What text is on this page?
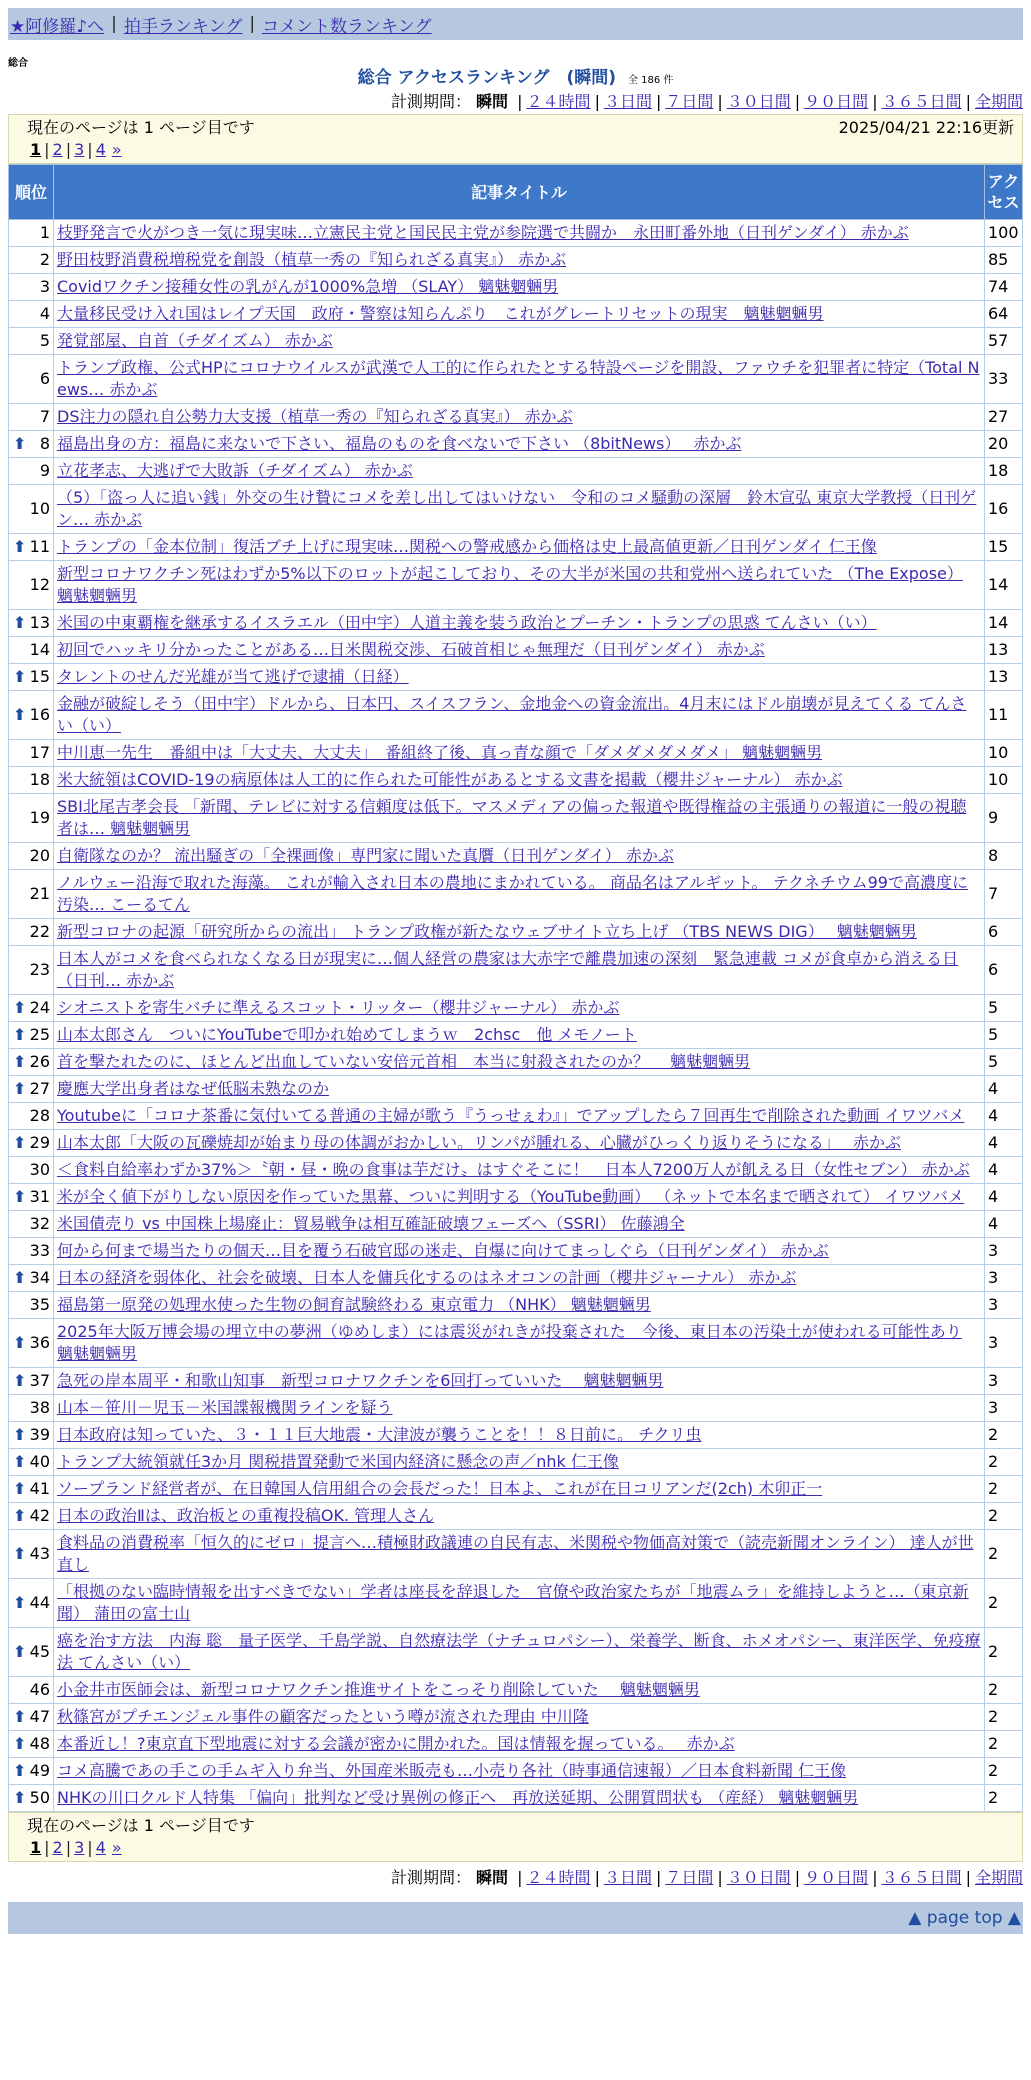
★阿修羅♪へ | 拍手ランキング | コメント数ランキング
総合
総合 アクセスランキング　(瞬間) 全 186 件
計測期間： 瞬間 | ２４時間 | ３日間 | ７日間 | ３０日間 | ９０日間 | ３６５日間 | 全期間
現在のページは 1 ページ目です	2025/04/21 22:16更新
1 | 2 | 3 | 4 »
順位	記事タイトル	アクセス
1	枝野発言で火がつき一気に現実味…立憲民主党と国民民主党が参院選で共闘か　永田町番外地（日刊ゲンダイ） 赤かぶ	100
2	野田枝野消費税増税党を創設（植草一秀の『知られざる真実』） 赤かぶ	85
3	Covidワクチン接種女性の乳がんが1000%急増 （SLAY） 魑魅魍魎男	74
4	大量移民受け入れ国はレイプ天国　政府・警察は知らんぷり　これがグレートリセットの現実　魑魅魍魎男	64
5	発覚部屋、自首（チダイズム） 赤かぶ	57
6	トランプ政権、公式HPにコロナウイルスが武漢で人工的に作られたとする特設ページを開設、ファウチを犯罪者に特定（Total News… 赤かぶ	33
7	DS注力の隠れ自公勢力大支援（植草一秀の『知られざる真実』） 赤かぶ	27

⬆ 8	福島出身の方：福島に来ないで下さい、福島のものを食べないで下さい （8bitNews）　 赤かぶ	20
9	立花孝志、大逃げで大敗訴（チダイズム） 赤かぶ	18
10	（5）「盗っ人に追い銭」外交の生け贄にコメを差し出してはいけない　令和のコメ騒動の深層　鈴木宣弘 東京大学教授（日刊ゲン… 赤かぶ	16

⬆ 11	トランプの「金本位制」復活ブチ上げに現実味…関税への警戒感から価格は史上最高値更新／日刊ゲンダイ 仁王像	15
12	新型コロナワクチン死はわずか5%以下のロットが起こしており、その大半が米国の共和党州へ送られていた （The Expose） 魑魅魍魎男	14

⬆ 13	米国の中東覇権を継承するイスラエル（田中宇）人道主義を装う政治とプーチン・トランプの思惑 てんさい（い）	14
14	初回でハッキリ分かったことがある…日米関税交渉、石破首相じゃ無理だ（日刊ゲンダイ） 赤かぶ	13

⬆ 15	タレントのせんだ光雄が当て逃げで逮捕（日経）	13

⬆ 16	金融が破綻しそう（田中宇）ドルから、日本円、スイスフラン、金地金への資金流出。4月末にはドル崩壊が見えてくる てんさい（い）	11
17	中川恵一先生　番組中は「大丈夫、大丈夫」　番組終了後、真っ青な顔で「ダメダメダメダメ」 魑魅魍魎男	10
18	米大統領はCOVID-19の病原体は人工的に作られた可能性があるとする文書を掲載（櫻井ジャーナル） 赤かぶ	10
19	SBI北尾吉孝会長 「新聞、テレビに対する信頼度は低下。マスメディアの偏った報道や既得権益の主張通りの報道に一般の視聴者は… 魑魅魍魎男	9
20	自衛隊なのか？ 流出騒ぎの「全裸画像」専門家に聞いた真贋（日刊ゲンダイ） 赤かぶ	8
21	ノルウェー沿海で取れた海藻。 これが輸入され日本の農地にまかれている。 商品名はアルギット。 テクネチウム99で高濃度に汚染… こーるてん	7
22	新型コロナの起源「研究所からの流出」 トランプ政権が新たなウェブサイト立ち上げ （TBS NEWS DIG）　 魑魅魍魎男	6
23	日本人がコメを食べられなくなる日が現実に…個人経営の農家は大赤字で離農加速の深刻　緊急連載 コメが食卓から消える日（日刊… 赤かぶ	6

⬆ 24	シオニストを寄生バチに準えるスコット・リッター（櫻井ジャーナル） 赤かぶ	5

⬆ 25	山本太郎さん　ついにYouTubeで叩かれ始めてしまうｗ　2chsc　他 メモノート	5

⬆ 26	首を撃たれたのに、ほとんど出血していない安倍元首相　本当に射殺されたのか？　 魑魅魍魎男	5

⬆ 27	慶應大学出身者はなぜ低脳未熟なのか	4
28	Youtubeに「コロナ茶番に気付いてる普通の主婦が歌う『うっせぇわ』」でアップしたら７回再生で削除された動画 イワツバメ	4

⬆ 29	山本太郎「大阪の瓦礫焼却が始まり母の体調がおかしい。リンパが腫れる、心臓がひっくり返りそうになる」　 赤かぶ	4
30	＜食料自給率わずか37%＞〝朝・昼・晩の食事は芋だけ〟はすぐそこに！　日本人7200万人が飢える日（女性セブン） 赤かぶ	4

⬆ 31	米が全く値下がりしない原因を作っていた黒幕、ついに判明する（YouTube動画） （ネットで本名まで晒されて） イワツバメ	4
32	米国債売り vs 中国株上場廃止：貿易戦争は相互確証破壊フェーズへ（SSRI） 佐藤鴻全	4
33	何から何まで場当たりの個天…目を覆う石破官邸の迷走、自爆に向けてまっしぐら（日刊ゲンダイ） 赤かぶ	3

⬆ 34	日本の経済を弱体化、社会を破壊、日本人を傭兵化するのはネオコンの計画（櫻井ジャーナル） 赤かぶ	3
35	福島第一原発の処理水使った生物の飼育試験終わる 東京電力 （NHK） 魑魅魍魎男	3

⬆ 36	2025年大阪万博会場の埋立中の夢洲（ゆめしま）には震災がれきが投棄された　今後、東日本の汚染土が使われる可能性あり 魑魅魍魎男	3

⬆ 37	急死の岸本周平・和歌山知事　新型コロナワクチンを6回打っていいた　 魑魅魍魎男	3
38	山本－笹川－児玉－米国諜報機関ラインを疑う	3

⬆ 39	日本政府は知っていた、３・１１巨大地震・大津波が襲うことを！！８日前に。 チクリ虫	2

⬆ 40	トランプ大統領就任3か月 関税措置発動で米国内経済に懸念の声／nhk 仁王像	2

⬆ 41	ソープランド経営者が、在日韓国人信用組合の会長だった！日本よ、これが在日コリアンだ(2ch) 木卯正一	2

⬆ 42	日本の政治Ⅱは、政治板との重複投稿OK. 管理人さん	2

⬆ 43	食料品の消費税率「恒久的にゼロ」提言へ…積極財政議連の自民有志、米関税や物価高対策で（読売新聞オンライン） 達人が世直し	2

⬆ 44	「根拠のない臨時情報を出すべきでない」学者は座長を辞退した　官僚や政治家たちが「地震ムラ」を維持しようと…（東京新聞） 蒲田の富士山	2

⬆ 45	癌を治す方法　内海 聡　量子医学、千島学説、自然療法学（ナチュロパシー）、栄養学、断食、ホメオパシー、東洋医学、免疫療法 てんさい（い）	2
46	小金井市医師会は、新型コロナワクチン推進サイトをこっそり削除していた　 魑魅魍魎男	2

⬆ 47	秋篠宮がプチエンジェル事件の顧客だったという噂が流された理由 中川隆	2

⬆ 48	本番近し！?東京直下型地震に対する会議が密かに開かれた。国は情報を握っている。　 赤かぶ	2

⬆ 49	コメ高騰であの手この手ムギ入り弁当、外国産米販売も…小売り各社（時事通信速報）／日本食料新聞 仁王像	2

⬆ 50	NHKの川口クルド人特集 「偏向」批判など受け異例の修正へ　再放送延期、公開質問状も （産経） 魑魅魍魎男	2
現在のページは 1 ページ目です
1 | 2 | 3 | 4 »
計測期間： 瞬間 | ２４時間 | ３日間 | ７日間 | ３０日間 | ９０日間 | ３６５日間 | 全期間
▲ page top ▲
